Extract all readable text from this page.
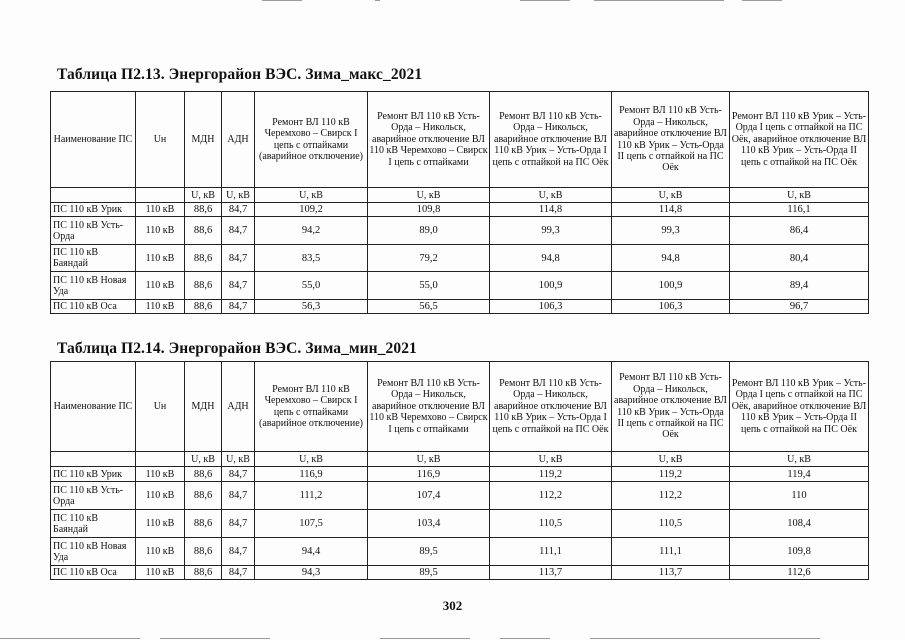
Таблица П2.13. Энергорайон ВЭС. Зима_макс_2021
Наименование ПС	Uн	МДН	АДН	Ремонт ВЛ 110 кВ Черемхово – Свирск I цепь с отпайками (аварийное отключение)	Ремонт ВЛ 110 кВ Усть-Орда – Никольск, аварийное отключение ВЛ 110 кВ Черемхово – Свирск I цепь с отпайками	Ремонт ВЛ 110 кВ Усть-Орда – Никольск, аварийное отключение ВЛ 110 кВ Урик – Усть-Орда I цепь с отпайкой на ПС Оёк	Ремонт ВЛ 110 кВ Усть-Орда – Никольск, аварийное отключение ВЛ 110 кВ Урик – Усть-Орда II цепь с отпайкой на ПС Оёк	Ремонт ВЛ 110 кВ Урик – Усть-Орда I цепь с отпайкой на ПС Оёк, аварийное отключение ВЛ 110 кВ Урик – Усть-Орда II цепь с отпайкой на ПС Оёк
		U, кВ	U, кВ	U, кВ	U, кВ	U, кВ	U, кВ	U, кВ
ПС 110 кВ Урик	110 кВ	88,6	84,7	109,2	109,8	114,8	114,8	116,1
ПС 110 кВ Усть-Орда	110 кВ	88,6	84,7	94,2	89,0	99,3	99,3	86,4
ПС 110 кВ Баяндай	110 кВ	88,6	84,7	83,5	79,2	94,8	94,8	80,4
ПС 110 кВ Новая Уда	110 кВ	88,6	84,7	55,0	55,0	100,9	100,9	89,4
ПС 110 кВ Оса	110 кВ	88,6	84,7	56,3	56,5	106,3	106,3	96,7
Таблица П2.14. Энергорайон ВЭС. Зима_мин_2021
Наименование ПС	Uн	МДН	АДН	Ремонт ВЛ 110 кВ Черемхово – Свирск I цепь с отпайками (аварийное отключение)	Ремонт ВЛ 110 кВ Усть-Орда – Никольск, аварийное отключение ВЛ 110 кВ Черемхово – Свирск I цепь с отпайками	Ремонт ВЛ 110 кВ Усть-Орда – Никольск, аварийное отключение ВЛ 110 кВ Урик – Усть-Орда I цепь с отпайкой на ПС Оёк	Ремонт ВЛ 110 кВ Усть-Орда – Никольск, аварийное отключение ВЛ 110 кВ Урик – Усть-Орда II цепь с отпайкой на ПС Оёк	Ремонт ВЛ 110 кВ Урик – Усть-Орда I цепь с отпайкой на ПС Оёк, аварийное отключение ВЛ 110 кВ Урик – Усть-Орда II цепь с отпайкой на ПС Оёк
		U, кВ	U, кВ	U, кВ	U, кВ	U, кВ	U, кВ	U, кВ
ПС 110 кВ Урик	110 кВ	88,6	84,7	116,9	116,9	119,2	119,2	119,4
ПС 110 кВ Усть-Орда	110 кВ	88,6	84,7	111,2	107,4	112,2	112,2	110
ПС 110 кВ Баяндай	110 кВ	88,6	84,7	107,5	103,4	110,5	110,5	108,4
ПС 110 кВ Новая Уда	110 кВ	88,6	84,7	94,4	89,5	111,1	111,1	109,8
ПС 110 кВ Оса	110 кВ	88,6	84,7	94,3	89,5	113,7	113,7	112,6
302
